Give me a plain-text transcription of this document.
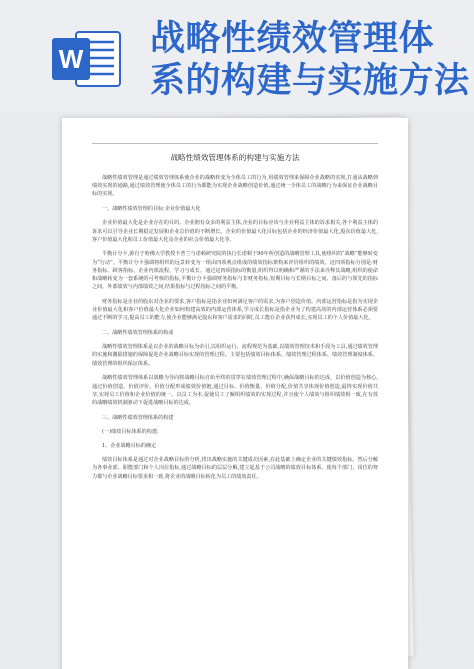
W 战略性绩效管理体
系的构建与实施方法
战略性绩效管理体系的构建与实施方法

战略性绩效管理是通过绩效管理体系使企业的战略转变为全体员工的行为,用绩效管理来保障企业战略的实现,打通从战略到绩效实现的通路,通过绩效管理使全体员工的行为都能为实现企业战略创造价值,通过统一全体员工的战略行为来保证企业战略目标的实现。

一、战略性绩效管理的目标:企业价值最大化

企业价值最大化是企业存在的目的。企业拥有众多的利益主体,企业的目标应该与企业利益主体的诉求相关,各个利益主体的诉求可以引导企业长期稳定发展和企业总价值的不断增长。企业的价值最大化目标包括企业的经济价值最大化,股东价值最大化,客户价值最大化和员工价值最大化及企业的社会价值最大化等。

平衡计分卡,源自于哈佛大学教授卡普兰与诺顿研究院的执行长诺顿于90年所创造的战略管理工具,使组织的“战略”能够转变为“行动”。平衡计分卡强调将组织的远景转变为一组由四项观点组成的绩效指标架构来评价组织的绩效。这四项指标分别是:财务指标、顾客指标、企业内部流程、学习与成长。通过这四项指标的衡量,组织得以明确和严谨的手法来诠释其战略,组织的使命和战略转变为一套系统的可考核的指标,平衡计分卡强调财务指标与非财务指标,短期目标与长期目标之间、落后的与领先的指标之间、外部绩效与内部绩效之间,结果指标与过程指标之间的平衡。

财务指标是企业的股东对企业的要求,客户指标是指企业如何满足客户的需求,为客户创造价值。内部运营指标是指为实现企业价值最大化和客户价值最大化企业如何构建高效的内部运营体系,学习成长指标是指企业为了构建高效的内部运营体系必须要通过不断的学习,提高员工的能力,使企业能够满足股东和客户需求的同时,员工能在企业获得成长,实现员工的个人价值最大化。

二、战略性绩效管理体系的构成

战略性绩效管理体系是以企业的战略目标为牵引,以组织运行、流程规范为基础,以绩效管理技术和手段为工具,通过绩效管理的实施和激励措施的保障促进企业战略目标实现的管理过程。主要包括绩效目标体系、绩效管理过程体系、绩效管理制度体系、绩效管理的组织保证体系。

战略性绩效管理体系以战略为导向将战略目标自始至终的贯穿在绩效管理过程中,确保战略目标的达成。以价值创造为核心,通过价值创造、价值评价、价值分配形成绩效价值链,通过目标、价值衡量、价值分配,价值共享体现价值创造,最终实现价值共享,实现员工价值和企业价值的统一。以员工为本,促使员工了解组织绩效的实现过程,并且使个人绩效与组织绩效相一致,在有效的战略绩效机制驱动下促进战略目标的达成。

三、战略性绩效管理体系的构建

(一)绩效目标体系的构建:

1、企业战略目标的确定

绩效目标体系是通过对企业战略目标的分析,找出战略实施的关键成功因素,在此基础上确定企业的关键绩效指标。然后分解为各事业部、职能部门和个人岗位指标,通过战略目标的层层分解,建立起基于公司战略的绩效目标体系。使每个部门、岗位的努力都与企业战略目标要求相一致,将企业的战略目标转化为员工的绩效责任。
